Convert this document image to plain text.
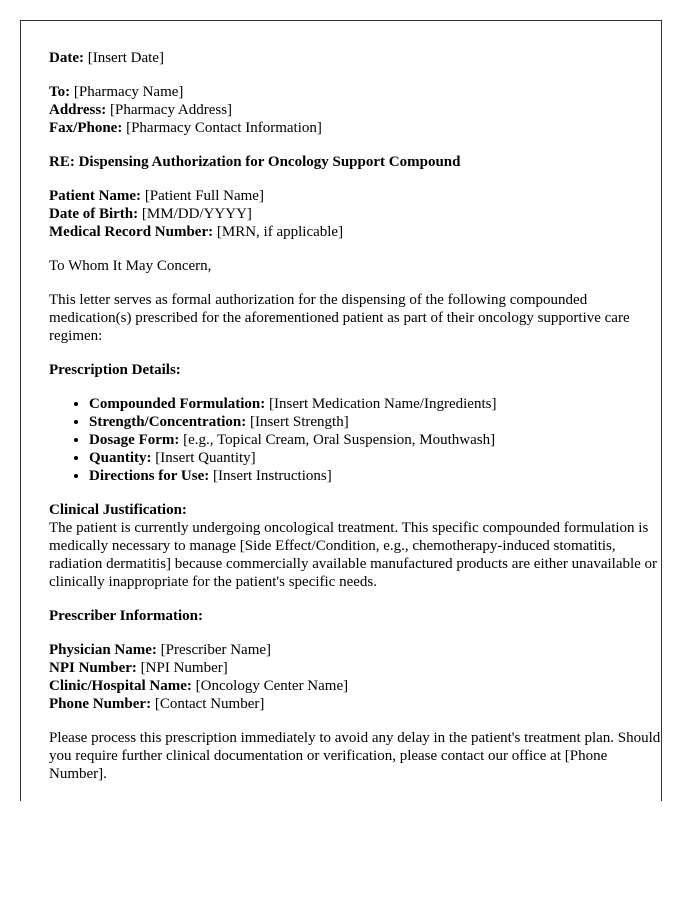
Date: [Insert Date]

To: [Pharmacy Name]
Address: [Pharmacy Address]
Fax/Phone: [Pharmacy Contact Information]

RE: Dispensing Authorization for Oncology Support Compound

Patient Name: [Patient Full Name]
Date of Birth: [MM/DD/YYYY]
Medical Record Number: [MRN, if applicable]

To Whom It May Concern,

This letter serves as formal authorization for the dispensing of the following compounded medication(s) prescribed for the aforementioned patient as part of their oncology supportive care regimen:

Prescription Details:

• Compounded Formulation: [Insert Medication Name/Ingredients]
• Strength/Concentration: [Insert Strength]
• Dosage Form: [e.g., Topical Cream, Oral Suspension, Mouthwash]
• Quantity: [Insert Quantity]
• Directions for Use: [Insert Instructions]

Clinical Justification:
The patient is currently undergoing oncological treatment. This specific compounded formulation is medically necessary to manage [Side Effect/Condition, e.g., chemotherapy-induced stomatitis, radiation dermatitis] because commercially available manufactured products are either unavailable or clinically inappropriate for the patient's specific needs.

Prescriber Information:

Physician Name: [Prescriber Name]
NPI Number: [NPI Number]
Clinic/Hospital Name: [Oncology Center Name]
Phone Number: [Contact Number]

Please process this prescription immediately to avoid any delay in the patient's treatment plan. Should you require further clinical documentation or verification, please contact our office at [Phone Number].
